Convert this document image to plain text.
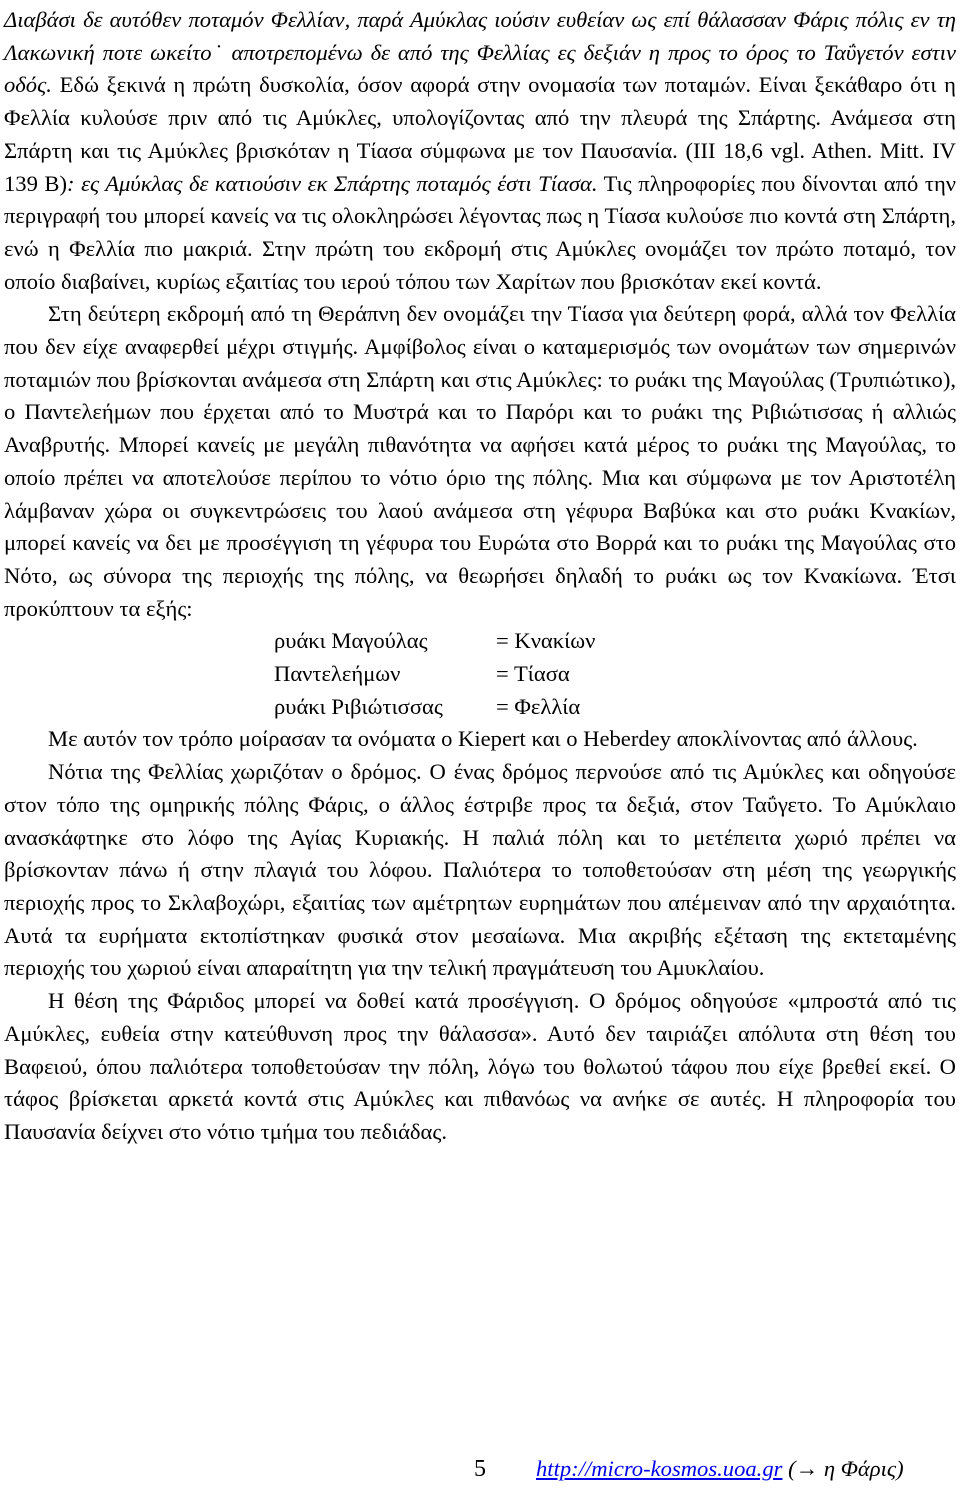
Διαβάσι δε αυτόθεν ποταμόν Φελλίαν, παρά Αμύκλας ιούσιν ευθείαν ως επί θάλασσαν Φάρις πόλις εν τη Λακωνική ποτε ωκείτο˙ αποτρεπομένω δε από της Φελλίας ες δεξιάν η προς το όρος το Ταΰγετόν εστιν οδός. Εδώ ξεκινά η πρώτη δυσκολία, όσον αφορά στην ονομασία των ποταμών. Είναι ξεκάθαρο ότι η Φελλία κυλούσε πριν από τις Αμύκλες, υπολογίζοντας από την πλευρά της Σπάρτης. Ανάμεσα στη Σπάρτη και τις Αμύκλες βρισκόταν η Τίασα σύμφωνα με τον Παυσανία. (ΙΙΙ 18,6 vgl. Athen. Mitt. IV 139 B): ες Αμύκλας δε κατιούσιν εκ Σπάρτης ποταμός έστι Τίασα. Τις πληροφορίες που δίνονται από την περιγραφή του μπορεί κανείς να τις ολοκληρώσει λέγοντας πως η Τίασα κυλούσε πιο κοντά στη Σπάρτη, ενώ η Φελλία πιο μακριά. Στην πρώτη του εκδρομή στις Αμύκλες ονομάζει τον πρώτο ποταμό, τον οποίο διαβαίνει, κυρίως εξαιτίας του ιερού τόπου των Χαρίτων που βρισκόταν εκεί κοντά.

Στη δεύτερη εκδρομή από τη Θεράπνη δεν ονομάζει την Τίασα για δεύτερη φορά, αλλά τον Φελλία που δεν είχε αναφερθεί μέχρι στιγμής. Αμφίβολος είναι ο καταμερισμός των ονομάτων των σημερινών ποταμιών που βρίσκονται ανάμεσα στη Σπάρτη και στις Αμύκλες: το ρυάκι της Μαγούλας (Τρυπιώτικο), ο Παντελεήμων που έρχεται από το Μυστρά και το Παρόρι και το ρυάκι της Ριβιώτισσας ή αλλιώς Αναβρυτής. Μπορεί κανείς με μεγάλη πιθανότητα να αφήσει κατά μέρος το ρυάκι της Μαγούλας, το οποίο πρέπει να αποτελούσε περίπου το νότιο όριο της πόλης. Μια και σύμφωνα με τον Αριστοτέλη λάμβαναν χώρα οι συγκεντρώσεις του λαού ανάμεσα στη γέφυρα Βαβύκα και στο ρυάκι Κνακίων, μπορεί κανείς να δει με προσέγγιση τη γέφυρα του Ευρώτα στο Βορρά και το ρυάκι της Μαγούλας στο Νότο, ως σύνορα της περιοχής της πόλης, να θεωρήσει δηλαδή το ρυάκι ως τον Κνακίωνα. Έτσι προκύπτουν τα εξής:

ρυάκι Μαγούλας	= Κνακίων
Παντελεήμων	= Τίασα
ρυάκι Ριβιώτισσας	= Φελλία

Με αυτόν τον τρόπο μοίρασαν τα ονόματα ο Kiepert και ο Heberdey αποκλίνοντας από άλλους.

Νότια της Φελλίας χωριζόταν ο δρόμος. Ο ένας δρόμος περνούσε από τις Αμύκλες και οδηγούσε στον τόπο της ομηρικής πόλης Φάρις, ο άλλος έστριβε προς τα δεξιά, στον Ταΰγετο. Το Αμύκλαιο ανασκάφτηκε στο λόφο της Αγίας Κυριακής. Η παλιά πόλη και το μετέπειτα χωριό πρέπει να βρίσκονταν πάνω ή στην πλαγιά του λόφου. Παλιότερα το τοποθετούσαν στη μέση της γεωργικής περιοχής προς το Σκλαβοχώρι, εξαιτίας των αμέτρητων ευρημάτων που απέμειναν από την αρχαιότητα. Αυτά τα ευρήματα εκτοπίστηκαν φυσικά στον μεσαίωνα. Μια ακριβής εξέταση της εκτεταμένης περιοχής του χωριού είναι απαραίτητη για την τελική πραγμάτευση του Αμυκλαίου.

Η θέση της Φάριδος μπορεί να δοθεί κατά προσέγγιση. Ο δρόμος οδηγούσε «μπροστά από τις Αμύκλες, ευθεία στην κατεύθυνση προς την θάλασσα». Αυτό δεν ταιριάζει απόλυτα στη θέση του Βαφειού, όπου παλιότερα τοποθετούσαν την πόλη, λόγω του θολωτού τάφου που είχε βρεθεί εκεί. Ο τάφος βρίσκεται αρκετά κοντά στις Αμύκλες και πιθανόως να ανήκε σε αυτές. Η πληροφορία του Παυσανία δείχνει στο νότιο τμήμα του πεδιάδας.

5 http://micro-kosmos.uoa.gr (→ η Φάρις)
